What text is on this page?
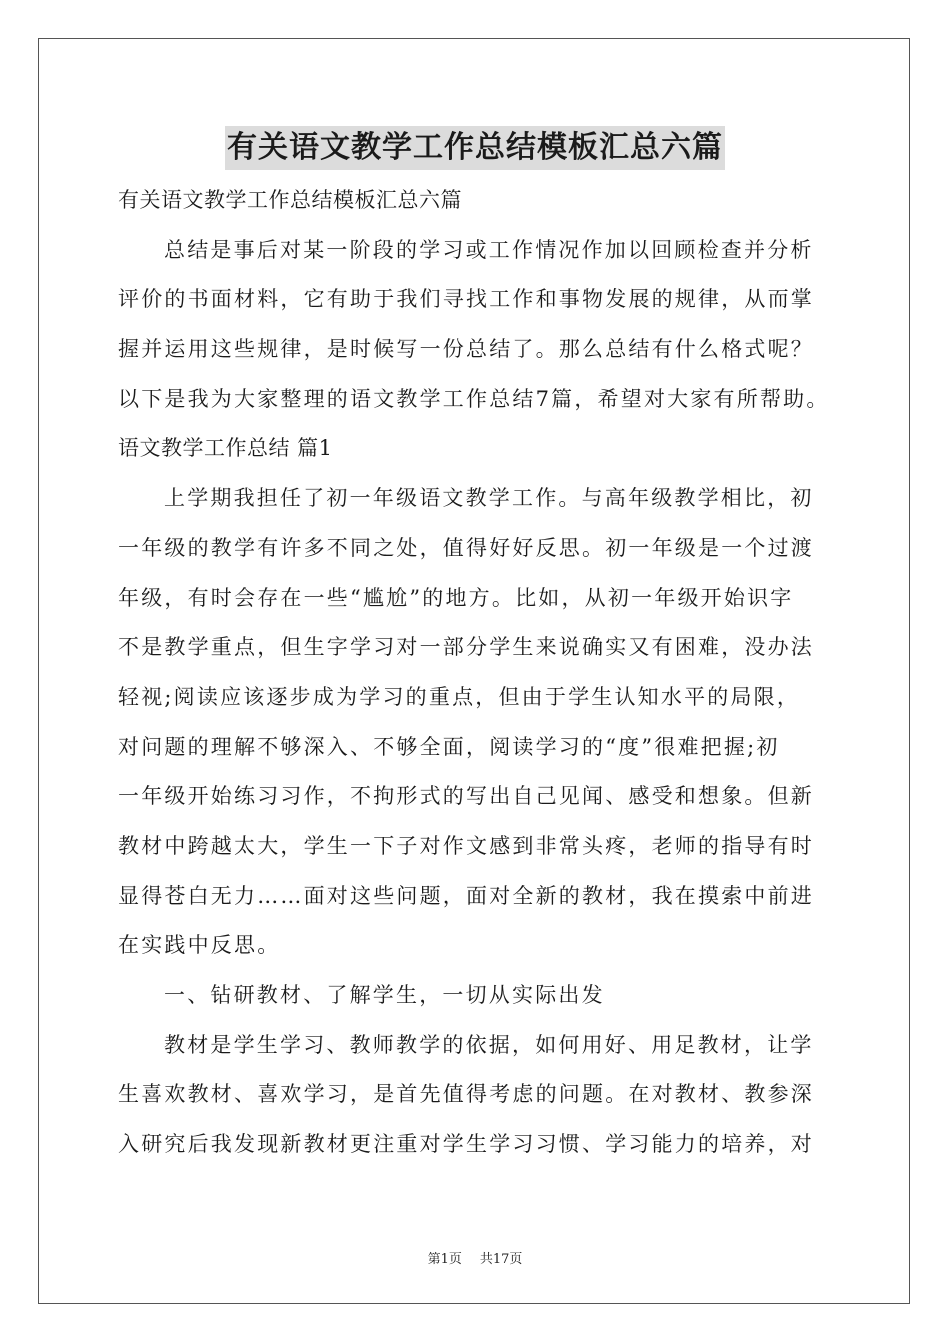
有关语文教学工作总结模板汇总六篇
有关语文教学工作总结模板汇总六篇
总结是事后对某一阶段的学习或工作情况作加以回顾检查并分析
评价的书面材料，它有助于我们寻找工作和事物发展的规律，从而掌
握并运用这些规律，是时候写一份总结了。那么总结有什么格式呢？
以下是我为大家整理的语文教学工作总结7篇，希望对大家有所帮助。
语文教学工作总结 篇1
上学期我担任了初一年级语文教学工作。与高年级教学相比，初
一年级的教学有许多不同之处，值得好好反思。初一年级是一个过渡
年级，有时会存在一些“尴尬”的地方。比如，从初一年级开始识字
不是教学重点，但生字学习对一部分学生来说确实又有困难，没办法
轻视;阅读应该逐步成为学习的重点，但由于学生认知水平的局限，
对问题的理解不够深入、不够全面，阅读学习的“度”很难把握;初
一年级开始练习习作，不拘形式的写出自己见闻、感受和想象。但新
教材中跨越太大，学生一下子对作文感到非常头疼，老师的指导有时
显得苍白无力……面对这些问题，面对全新的教材，我在摸索中前进
在实践中反思。
一、钻研教材、了解学生，一切从实际出发
教材是学生学习、教师教学的依据，如何用好、用足教材，让学
生喜欢教材、喜欢学习，是首先值得考虑的问题。在对教材、教参深
入研究后我发现新教材更注重对学生学习习惯、学习能力的培养，对
第1页 共17页
